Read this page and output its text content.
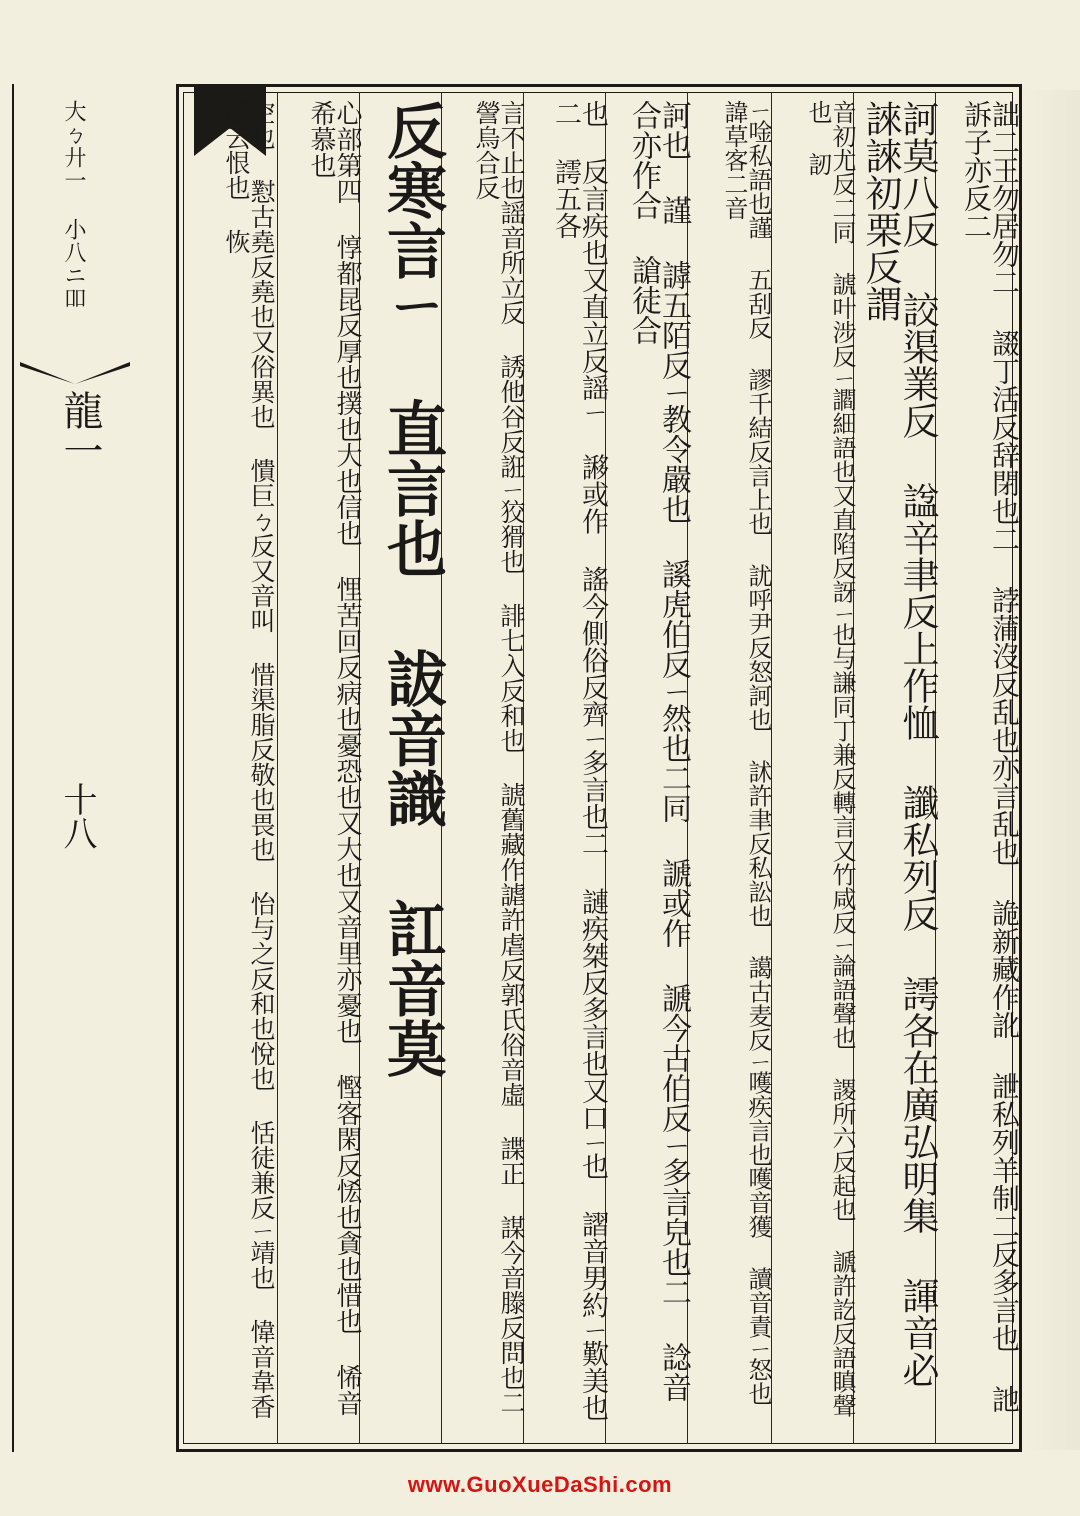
大ㄅ廾一 小八ニ吅
龍一
十八	詘二王勿居勿二 諁丁活反辞閉也二 誖蒲沒反乱也亦言乱也 詭新藏作訛 詍私列羊制二反多言也 訑訴子亦反二
訶莫八反 詨渠業反 諡辛聿反上作恤 讖私列反 謣各在廣弘明集 諢音必 誺誺初栗反謂
音初尤反二同 諕叶涉反ㄧ讇細語也又直陷反訝ㄧ也与謙同丁兼反轉言又竹咸反ㄧ論語聲也 謖所六反起也 謕許訖反語瞋聲也 訒
ㄧ唫私語也謹 五刮反 謬千結反言上也 訧呼尹反怒訶也 訹許聿反私訟也 譪古麦反ㄧ嚄疾言也嚄音獲 讀音責ㄧ怒也 諱草客二音
訶也 謹 謼五陌反ㄧ教令嚴也 謑虎伯反ㄧ然也二同 謕或作 謕今古伯反ㄧ多言皃也二 諗音合亦作合 謒徒合
也 反言疾也又直立反謡ㄧ 謻或作 謠今側俗反齊ㄧ多言也二 謰疾桀反多言也又口ㄧ也 謵音男約ㄧ歎美也二 謣五各
言不止也謡音所立反 誘他谷反誑ㄧ狡猾也 誹七入反和也 諕舊藏作謔許虐反郭氏俗音虛 諜正 謀今音滕反問也二 謍烏合反
反寒言ㄧ 直言也 詙音識 訌音莫
心部第四 惇都昆反厚也撲也大也信也 悝苦回反病也憂恐也又大也又音里亦憂也 慳客閑反恡也貪也惜也 悕音希慕也
空也 懟古堯反堯也又俗異也 憒巨ㄅ反又音叫 惜渠脂反敬也畏也 怡与之反和也悅也 恬徒兼反ㄧ靖也 愇音韋香嚴云恨也 恢
www.GuoXueDaShi.com
